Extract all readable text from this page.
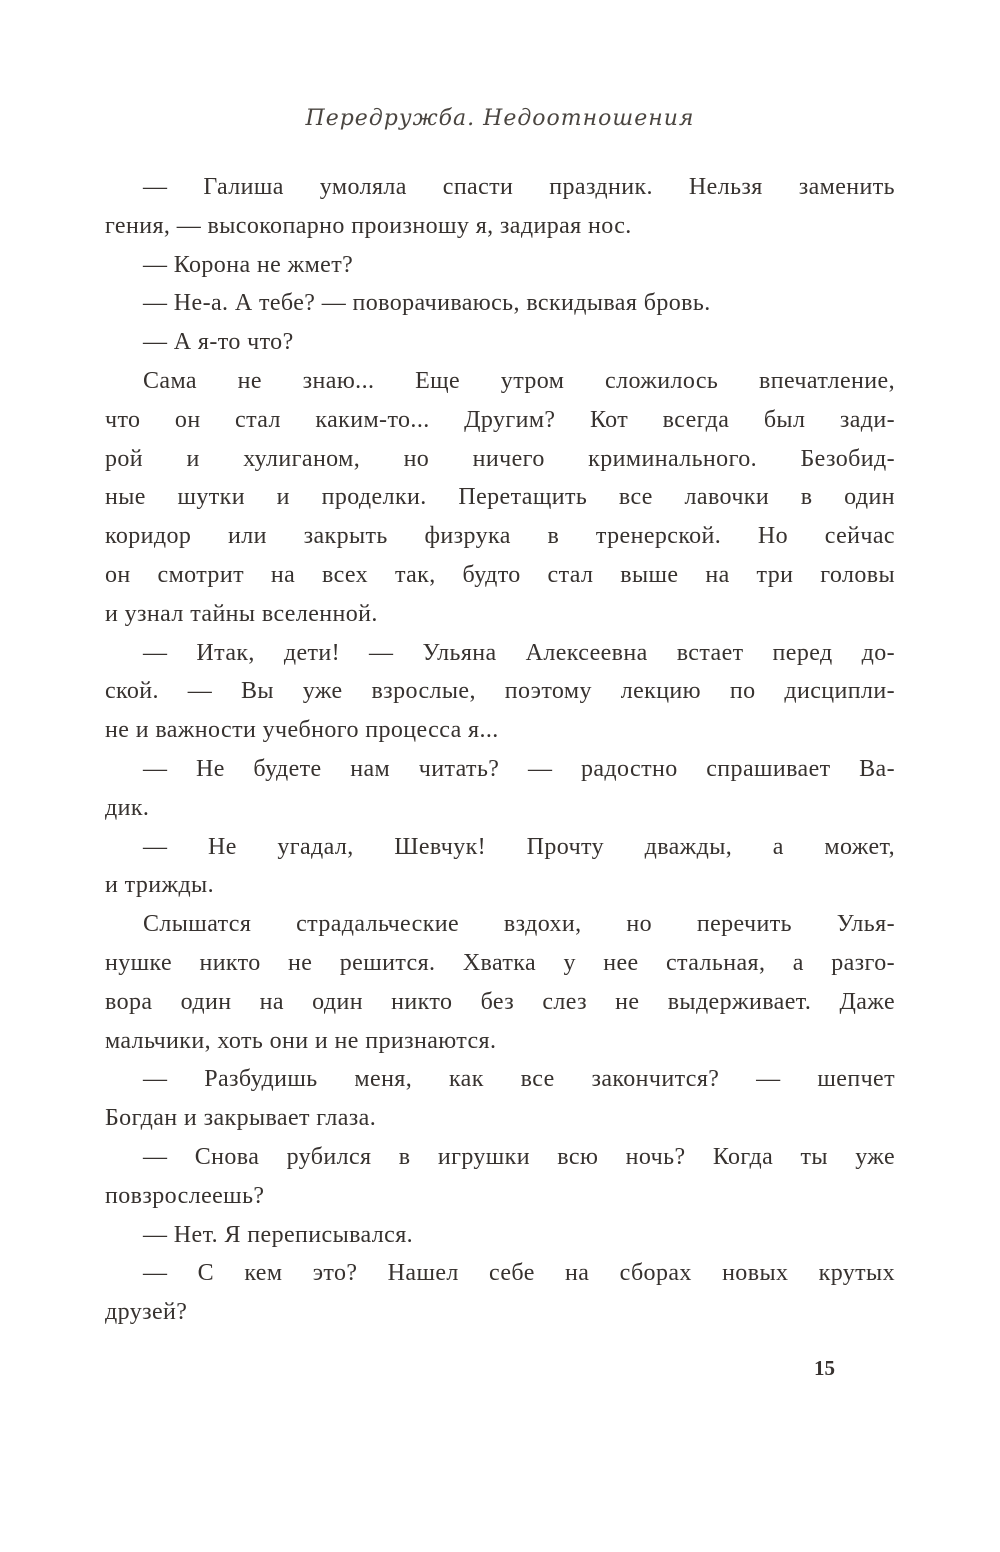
Передружба. Недоотношения

— Галиша умоляла спасти праздник. Нельзя заменить
гения, — высокопарно произношу я, задирая нос.

— Корона не жмет?

— Не-а. А тебе? — поворачиваюсь, вскидывая бровь.

— А я-то что?

Сама не знаю... Еще утром сложилось впечатление,
что он стал каким-то... Другим? Кот всегда был зади-
рой и хулиганом, но ничего криминального. Безобид-
ные шутки и проделки. Перетащить все лавочки в один
коридор или закрыть физрука в тренерской. Но сейчас
он смотрит на всех так, будто стал выше на три головы
и узнал тайны вселенной.

— Итак, дети! — Ульяна Алексеевна встает перед до-
ской. — Вы уже взрослые, поэтому лекцию по дисципли-
не и важности учебного процесса я...

— Не будете нам читать? — радостно спрашивает Ва-
дик.

— Не угадал, Шевчук! Прочту дважды, а может,
и трижды.

Слышатся страдальческие вздохи, но перечить Улья-
нушке никто не решится. Хватка у нее стальная, а разго-
вора один на один никто без слез не выдерживает. Даже
мальчики, хоть они и не признаются.

— Разбудишь меня, как все закончится? — шепчет
Богдан и закрывает глаза.

— Снова рубился в игрушки всю ночь? Когда ты уже
повзрослеешь?

— Нет. Я переписывался.

— С кем это? Нашел себе на сборах новых крутых
друзей?

15
